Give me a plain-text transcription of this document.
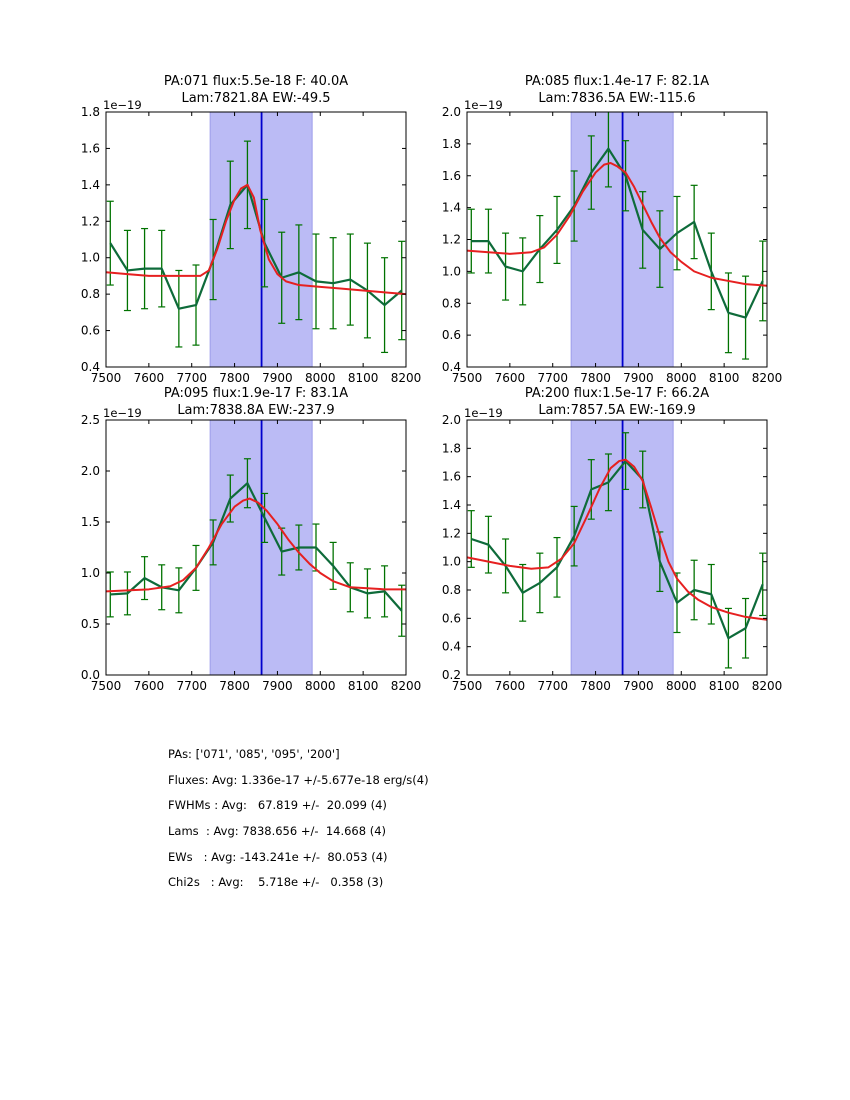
PA:071 flux:5.5e-18 F: 40.0A
Lam:7821.8A EW:-49.5
1e−19
7500 7600 7700 7800 7900 8000 8100 8200
0.4
0.6
0.8
1.0
1.2
1.4
1.6
1.8
PA:085 flux:1.4e-17 F: 82.1A
Lam:7836.5A EW:-115.6
1e−19
7500 7600 7700 7800 7900 8000 8100 8200
0.4
0.6
0.8
1.0
1.2
1.4
1.6
1.8
2.0
PA:095 flux:1.9e-17 F: 83.1A
Lam:7838.8A EW:-237.9
1e−19
7500 7600 7700 7800 7900 8000 8100 8200
0.0
0.5
1.0
1.5
2.0
2.5
PA:200 flux:1.5e-17 F: 66.2A
Lam:7857.5A EW:-169.9
1e−19
7500 7600 7700 7800 7900 8000 8100 8200
0.2
0.4
0.6
0.8
1.0
1.2
1.4
1.6
1.8
2.0
PAs: ['071', '085', '095', '200']
Fluxes: Avg: 1.336e-17 +/-5.677e-18 erg/s(4)
FWHMs : Avg:   67.819 +/-  20.099 (4)
Lams  : Avg: 7838.656 +/-  14.668 (4)
EWs   : Avg: -143.241e +/-  80.053 (4)
Chi2s   : Avg:    5.718e +/-   0.358 (3)
